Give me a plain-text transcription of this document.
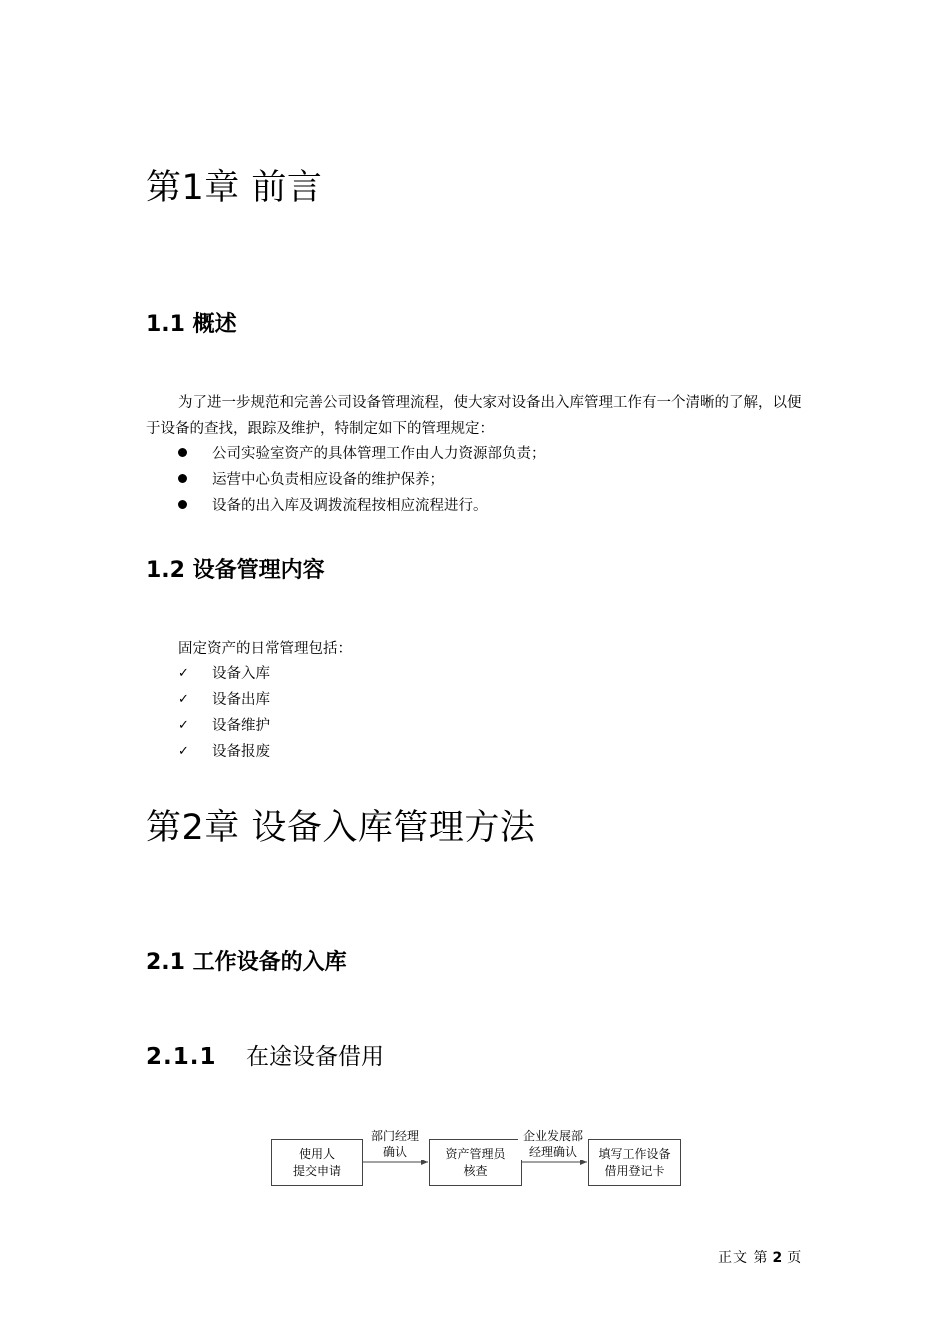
第1章 前言
1.1 概述
为了进一步规范和完善公司设备管理流程，使大家对设备出入库管理工作有一个清晰的了解，以便于设备的查找，跟踪及维护，特制定如下的管理规定：
公司实验室资产的具体管理工作由人力资源部负责；
运营中心负责相应设备的维护保养；
设备的出入库及调拨流程按相应流程进行。
1.2 设备管理内容
固定资产的日常管理包括：
✓	设备入库
✓	设备出库
✓	设备维护
✓	设备报废
第2章 设备入库管理方法
2.1 工作设备的入库
2.1.1 在途设备借用
使用人
提交申请
资产管理员
核查
填写工作设备
借用登记卡
部门经理
确认
企业发展部
经理确认
正文 第 2 页
